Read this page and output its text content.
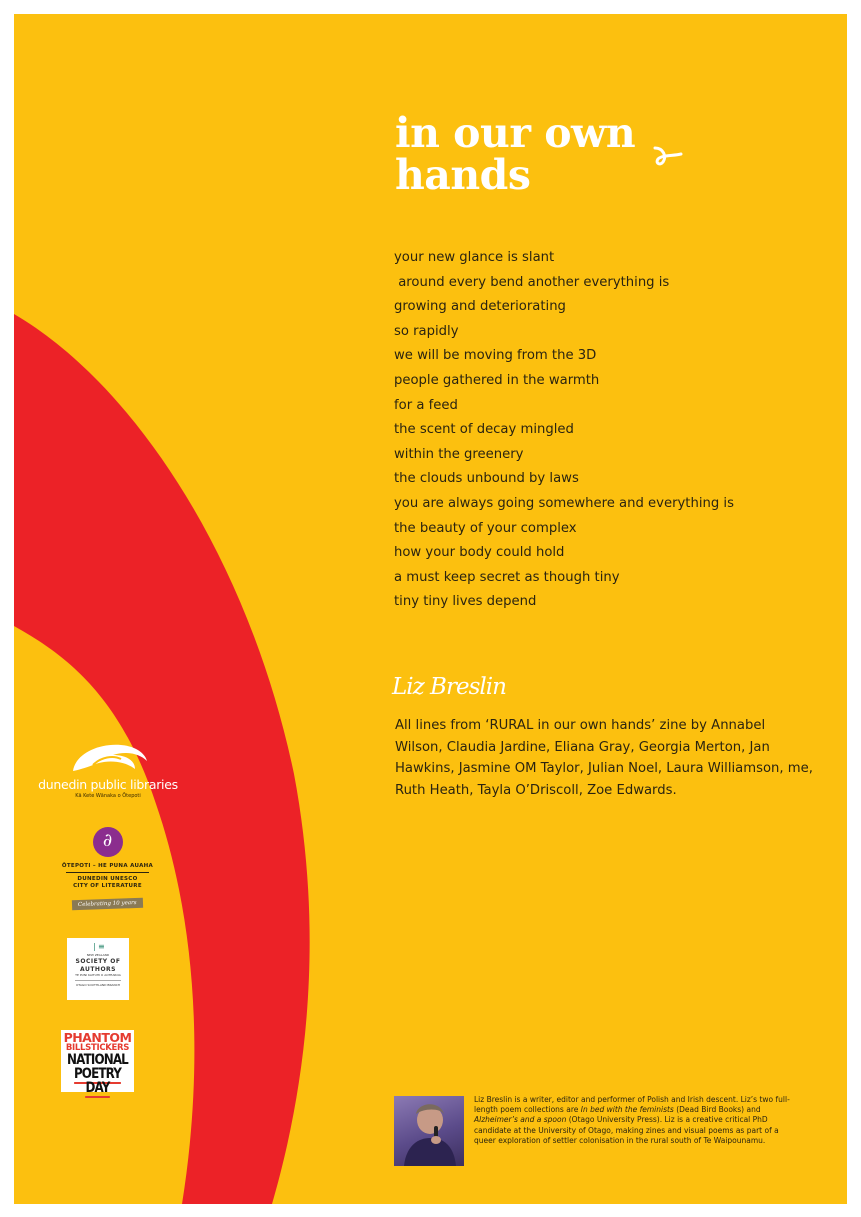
in our own
hands
your new glance is slant
around every bend another everything is
growing and deteriorating
so rapidly
we will be moving from the 3D
people gathered in the warmth
for a feed
the scent of decay mingled
within the greenery
the clouds unbound by laws
you are always going somewhere and everything is
the beauty of your complex
how your body could hold
a must keep secret as though tiny
tiny tiny lives depend
Liz Breslin

All lines from ‘RURAL in our own hands’ zine by Annabel Wilson, Claudia Jardine, Eliana Gray, Georgia Merton, Jan Hawkins, Jasmine OM Taylor, Julian Noel, Laura Williamson, me, Ruth Heath, Tayla O’Driscoll, Zoe Edwards.

dunedin public libraries
Kā Kete Wānaka o Ōtepoti
∂
ŌTEPOTI – HE PUNA AUAHA
DUNEDIN UNESCO
CITY OF LITERATURE
Celebrating 10 years
❘≡
NEW ZEALAND
SOCIETY OF
AUTHORS
TE PUNI KAITUHI O AOTEAROA
OTAGO SOUTHLAND BRANCH
PHANTOM
BILLSTICKERS
NATIONAL
POETRY DAY

Liz Breslin is a writer, editor and performer of Polish and Irish descent. Liz’s two full-length poem collections are In bed with the feminists (Dead Bird Books) and Alzheimer’s and a spoon (Otago University Press). Liz is a creative critical PhD candidate at the University of Otago, making zines and visual poems as part of a queer exploration of settler colonisation in the rural south of Te Waipounamu.
